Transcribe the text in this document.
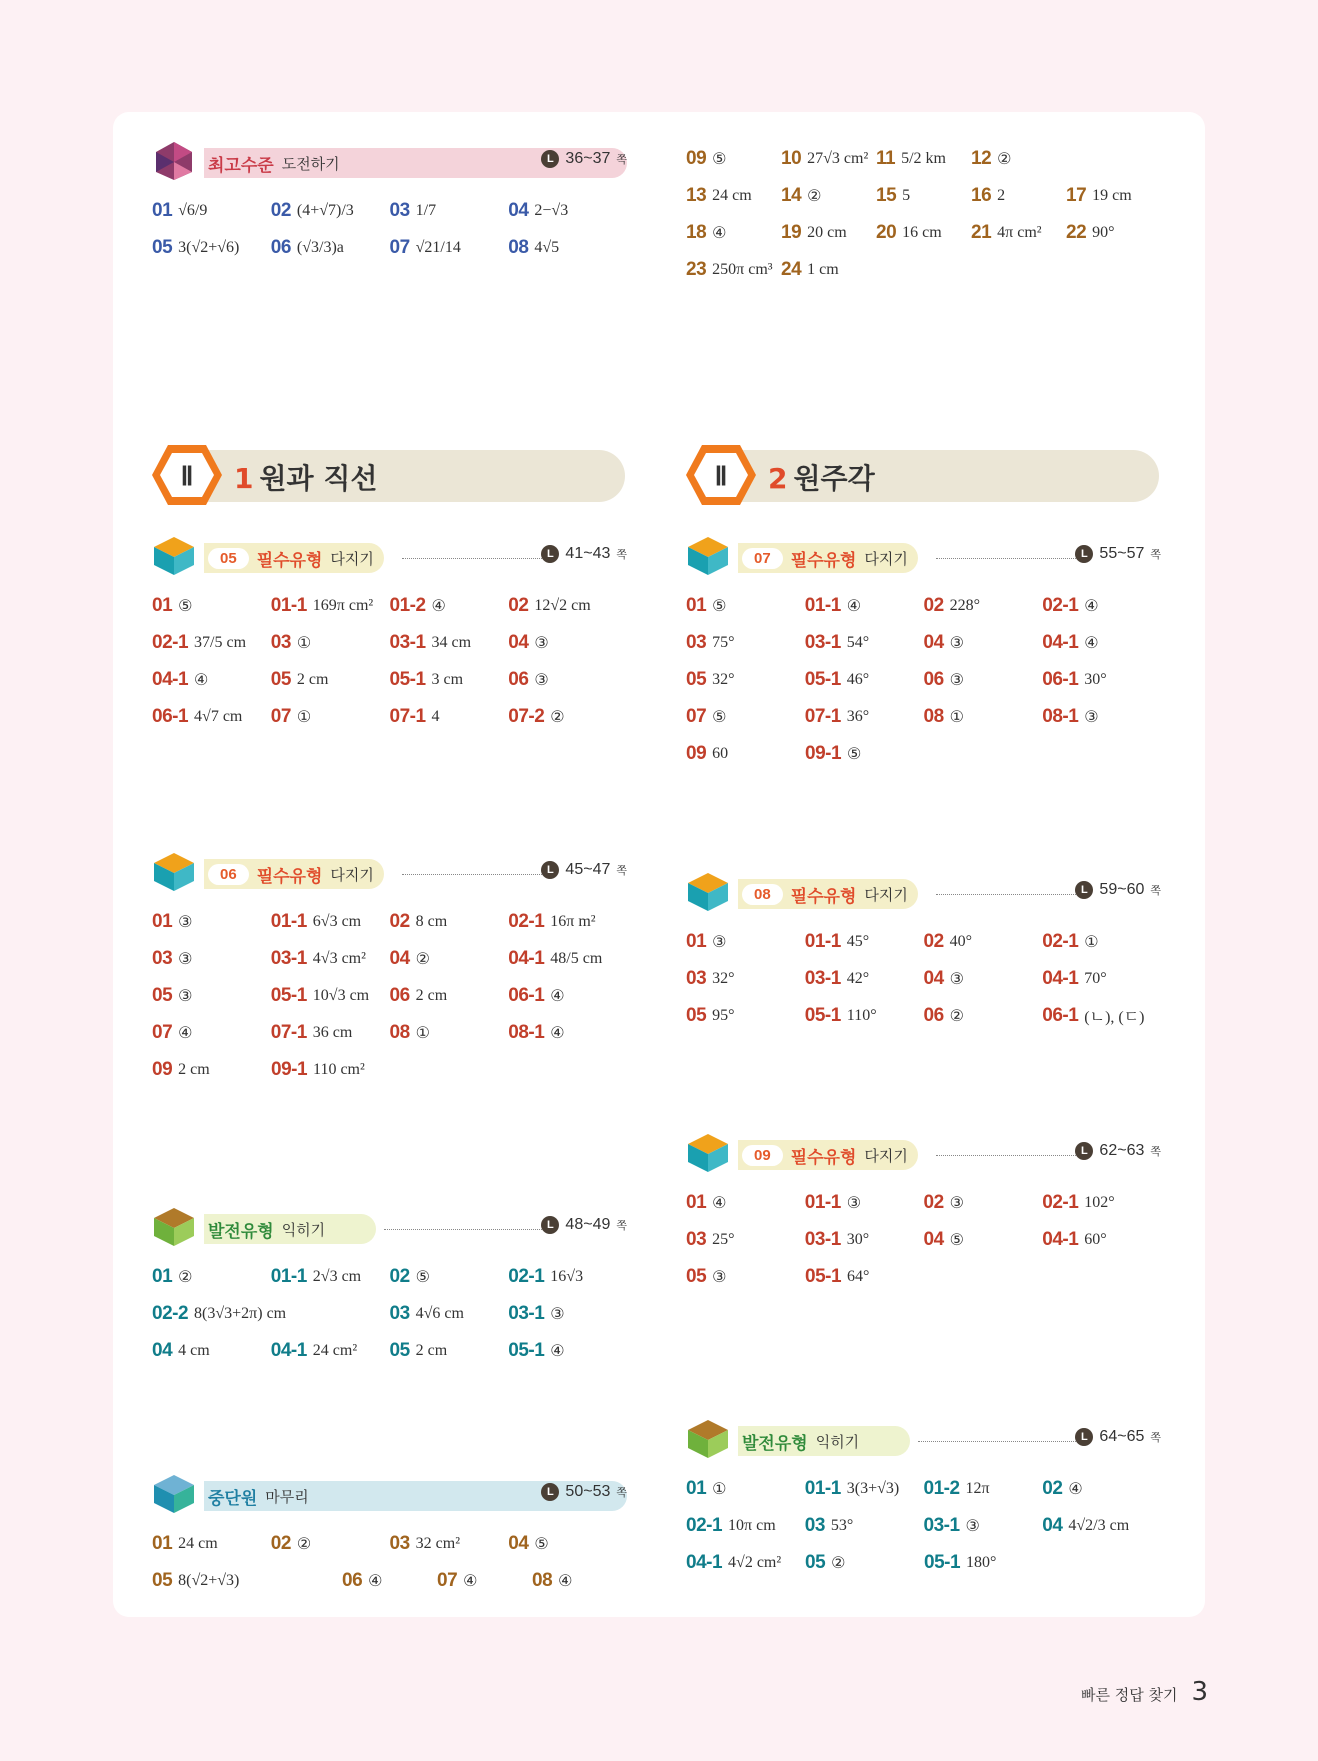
최고수준 도전하기	L 36~37 쪽
01 √6/9	02 (4+√7)/3 03 1/7	04 2−√3
05 3(√2+√6) 06 (√3/3)a 07 √21/14 08 4√5
09 ⑤	10 27√3 cm² 11 5/2 km 12 ②
13 24 cm 14 ②	15 5	16 2	17 19 cm
18 ④	19 20 cm 20 16 cm 21 4π cm² 22 90°
23 250π cm³ 24 1 cm
Ⅱ 1 원과 직선	Ⅱ 2 원주각
05	필수유형 다지기	L 41~43 쪽
01 ⑤	01-1 169π cm² 01-2 ④	02 12√2 cm
02-1 37/5 cm 03 ①	03-1 34 cm 04 ③
04-1 ④	05 2 cm	05-1 3 cm 06 ③
06-1 4√7 cm 07 ①	07-1 4	07-2 ②
06	필수유형 다지기	L 45~47 쪽
01 ③	01-1 6√3 cm 02 8 cm	02-1 16π m²
03 ③	03-1 4√3 cm² 04 ②	04-1 48/5 cm
05 ③	05-1 10√3 cm 06 2 cm	06-1 ④
07 ④	07-1 36 cm 08 ①	08-1 ④
09 2 cm	09-1 110 cm²
발전유형 익히기	L 48~49 쪽
01 ②	01-1 2√3 cm 02 ⑤	02-1 16√3
02-2 8(3√3+2π) cm	03 4√6 cm 03-1 ③
04 4 cm	04-1 24 cm² 05 2 cm	05-1 ④
중단원 마무리	L 50~53 쪽
01 24 cm	02 ②	03 32 cm²	04 ⑤
05 8(√2+√3)	06 ④	07 ④	08 ④
07	필수유형 다지기	L 55~57 쪽
01 ⑤	01-1 ④	02 228°	02-1 ④
03 75°	03-1 54°	04 ③	04-1 ④
05 32°	05-1 46°	06 ③	06-1 30°
07 ⑤	07-1 36°	08 ①	08-1 ③
09 60	09-1 ⑤
08	필수유형 다지기	L 59~60 쪽
01 ③	01-1 45°	02 40°	02-1 ①
03 32°	03-1 42°	04 ③	04-1 70°
05 95°	05-1 110° 06 ②	06-1 (ㄴ), (ㄷ)
09	필수유형 다지기	L 62~63 쪽
01 ④	01-1 ③	02 ③	02-1 102°
03 25°	03-1 30°	04 ⑤	04-1 60°
05 ③	05-1 64°
발전유형 익히기	L 64~65 쪽
01 ①	01-1 3(3+√3) 01-2 12π	02 ④
02-1 10π cm 03 53°	03-1 ③	04 4√2/3 cm
04-1 4√2 cm² 05 ②	05-1 180°
빠른 정답 찾기 3
